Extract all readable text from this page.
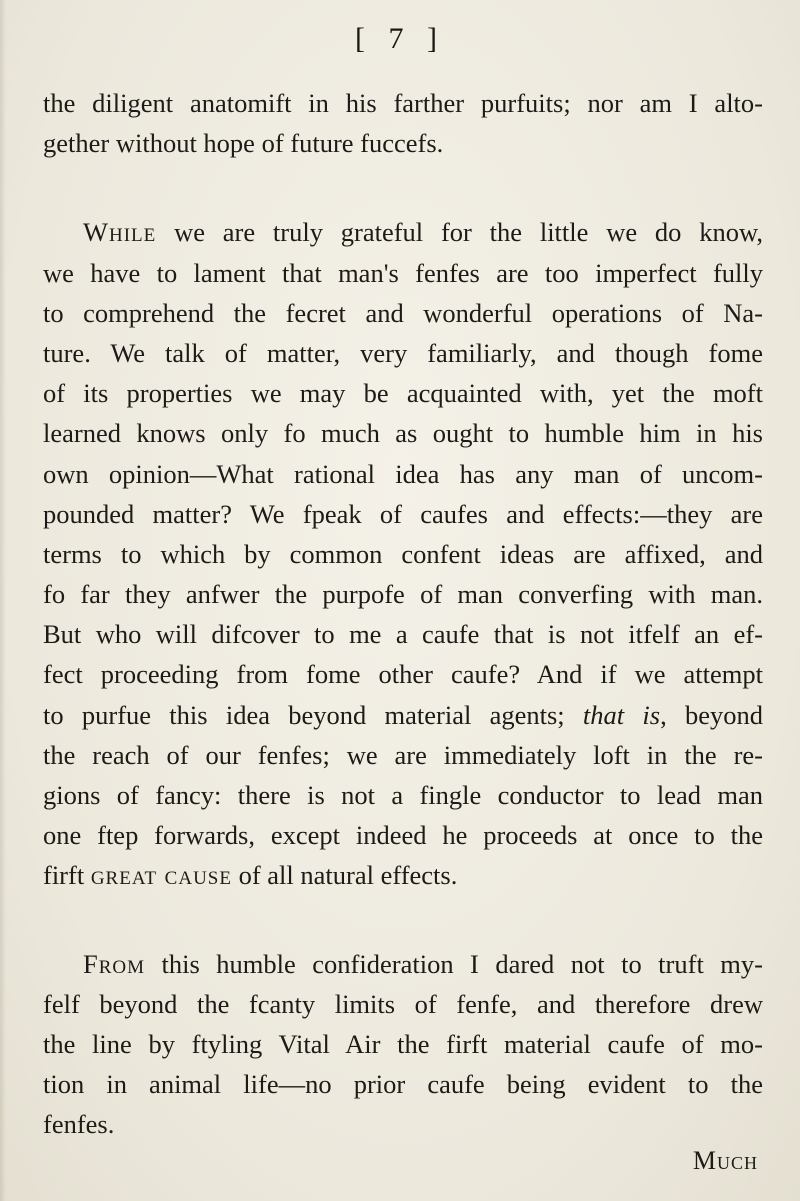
[ 7 ]
the diligent anatomift in his farther purfuits; nor am I alto-
gether without hope of future fuccefs.
While we are truly grateful for the little we do know,
we have to lament that man's fenfes are too imperfect fully
to comprehend the fecret and wonderful operations of Na-
ture. We talk of matter, very familiarly, and though fome
of its properties we may be acquainted with, yet the moft
learned knows only fo much as ought to humble him in his
own opinion—What rational idea has any man of uncom-
pounded matter? We fpeak of caufes and effects:—they are
terms to which by common confent ideas are affixed, and
fo far they anfwer the purpofe of man converfing with man.
But who will difcover to me a caufe that is not itfelf an ef-
fect proceeding from fome other caufe? And if we attempt
to purfue this idea beyond material agents; that is, beyond
the reach of our fenfes; we are immediately loft in the re-
gions of fancy: there is not a fingle conductor to lead man
one ftep forwards, except indeed he proceeds at once to the
firft great cause of all natural effects.
From this humble confideration I dared not to truft my-
felf beyond the fcanty limits of fenfe, and therefore drew
the line by ftyling Vital Air the firft material caufe of mo-
tion in animal life—no prior caufe being evident to the
fenfes.
Much
